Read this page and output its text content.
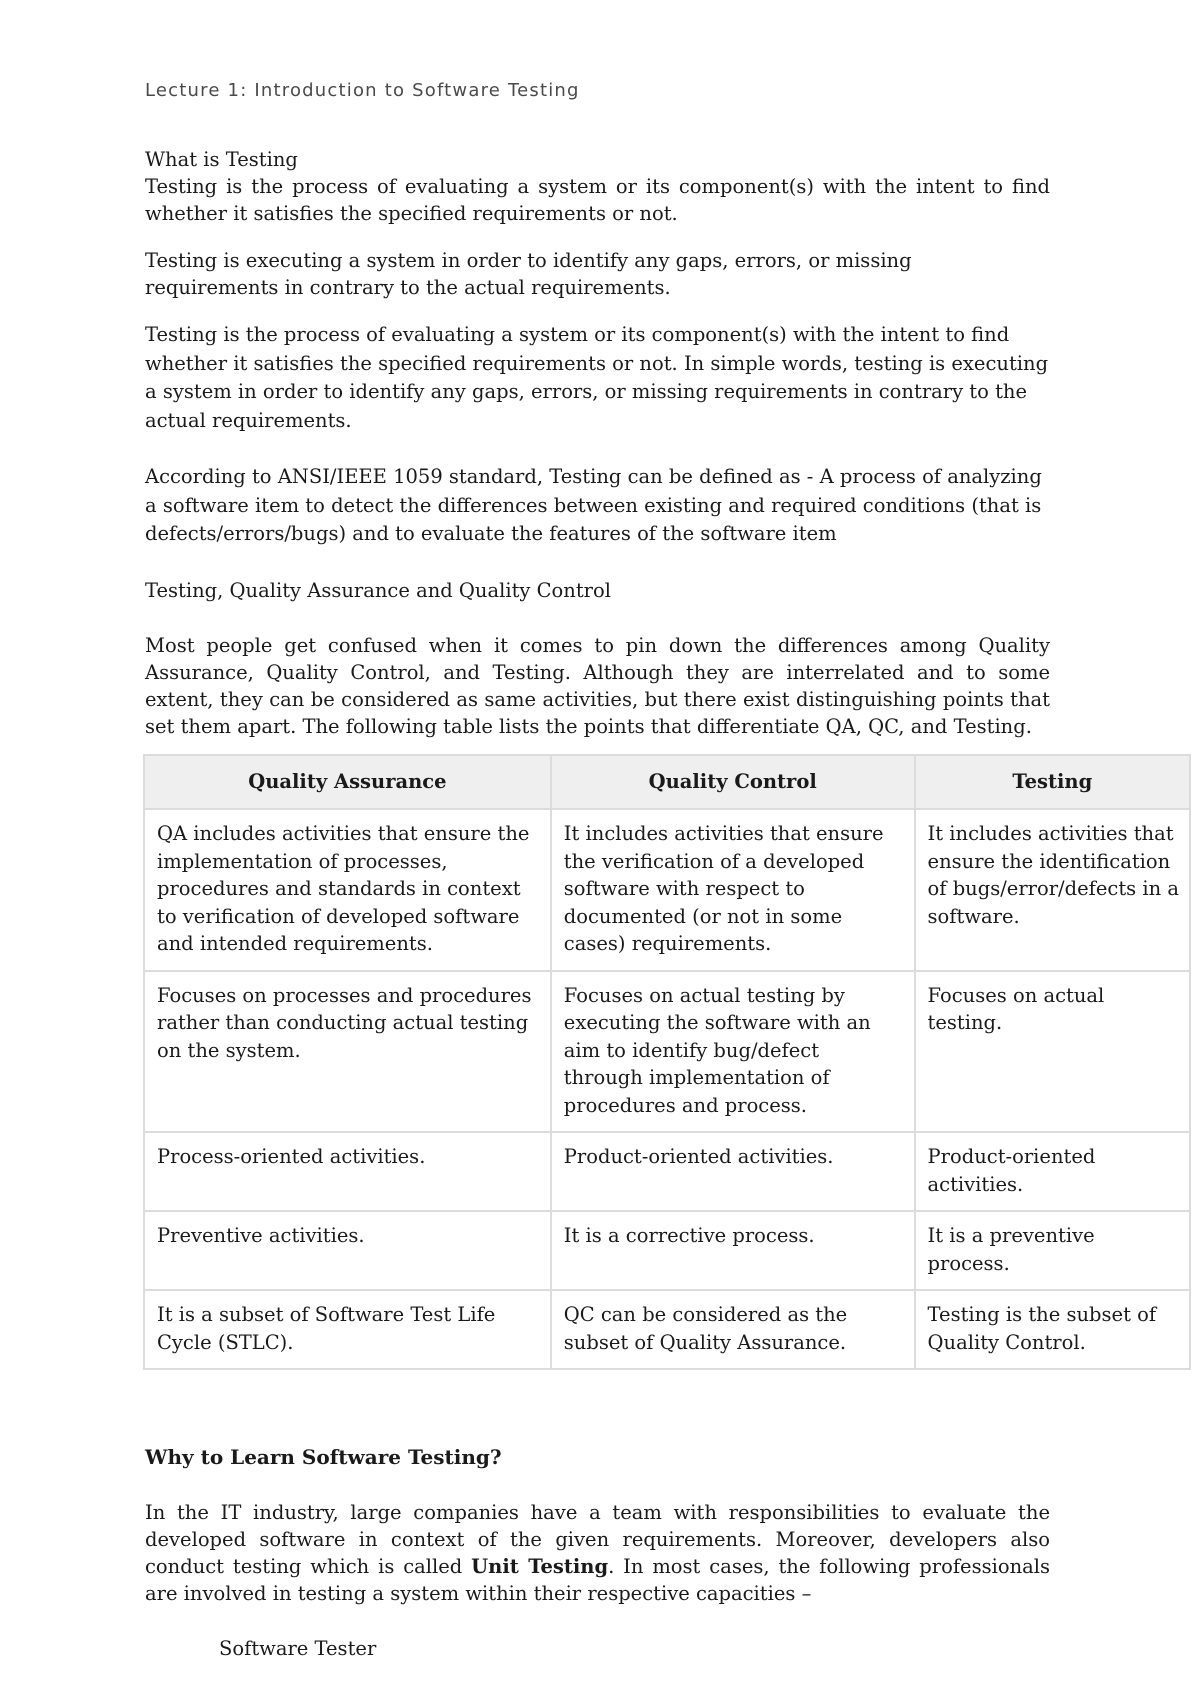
Lecture 1: Introduction to Software Testing

What is Testing

Testing is the process of evaluating a system or its component(s) with the intent to find whether it satisfies the specified requirements or not.

Testing is executing a system in order to identify any gaps, errors, or missing requirements in contrary to the actual requirements.

Testing is the process of evaluating a system or its component(s) with the intent to find whether it satisfies the specified requirements or not. In simple words, testing is executing a system in order to identify any gaps, errors, or missing requirements in contrary to the actual requirements.

According to ANSI/IEEE 1059 standard, Testing can be defined as - A process of analyzing a software item to detect the differences between existing and required conditions (that is defects/errors/bugs) and to evaluate the features of the software item

Testing, Quality Assurance and Quality Control

Most people get confused when it comes to pin down the differences among Quality Assurance, Quality Control, and Testing. Although they are interrelated and to some extent, they can be considered as same activities, but there exist distinguishing points that set them apart. The following table lists the points that differentiate QA, QC, and Testing.

Quality Assurance	Quality Control	Testing
QA includes activities that ensure the implementation of processes, procedures and standards in context to verification of developed software and intended requirements.	It includes activities that ensure the verification of a developed software with respect to documented (or not in some cases) requirements.	It includes activities that ensure the identification of bugs/error/defects in a software.
Focuses on processes and procedures rather than conducting actual testing on the system.	Focuses on actual testing by executing the software with an aim to identify bug/defect through implementation of procedures and process.	Focuses on actual testing.
Process-oriented activities.	Product-oriented activities.	Product-oriented activities.
Preventive activities.	It is a corrective process.	It is a preventive process.
It is a subset of Software Test Life Cycle (STLC).	QC can be considered as the subset of Quality Assurance.	Testing is the subset of Quality Control.

Why to Learn Software Testing?

In the IT industry, large companies have a team with responsibilities to evaluate the developed software in context of the given requirements. Moreover, developers also conduct testing which is called Unit Testing. In most cases, the following professionals are involved in testing a system within their respective capacities –

Software Tester
